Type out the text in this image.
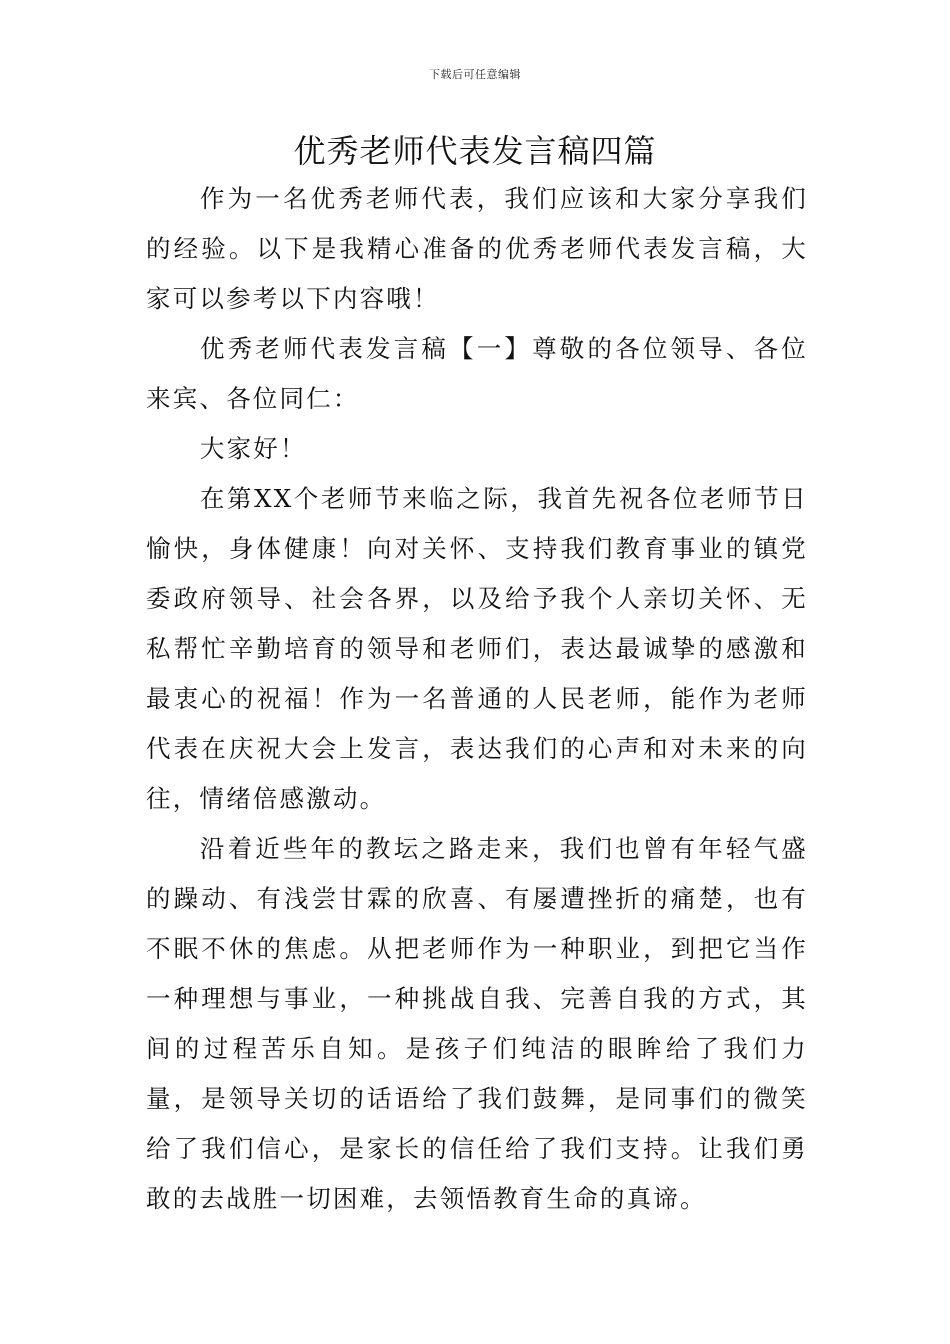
下载后可任意编辑
优秀老师代表发言稿四篇

作为一名优秀老师代表，我们应该和大家分享我们的经验。以下是我精心准备的优秀老师代表发言稿，大家可以参考以下内容哦！

优秀老师代表发言稿【一】尊敬的各位领导、各位来宾、各位同仁：

大家好！

在第XX个老师节来临之际，我首先祝各位老师节日愉快，身体健康！向对关怀、支持我们教育事业的镇党委政府领导、社会各界，以及给予我个人亲切关怀、无私帮忙辛勤培育的领导和老师们，表达最诚挚的感激和最衷心的祝福！作为一名普通的人民老师，能作为老师代表在庆祝大会上发言，表达我们的心声和对未来的向往，情绪倍感激动。

沿着近些年的教坛之路走来，我们也曾有年轻气盛的躁动、有浅尝甘霖的欣喜、有屡遭挫折的痛楚，也有不眠不休的焦虑。从把老师作为一种职业，到把它当作一种理想与事业，一种挑战自我、完善自我的方式，其间的过程苦乐自知。是孩子们纯洁的眼眸给了我们力量，是领导关切的话语给了我们鼓舞，是同事们的微笑给了我们信心，是家长的信任给了我们支持。让我们勇敢的去战胜一切困难，去领悟教育生命的真谛。
